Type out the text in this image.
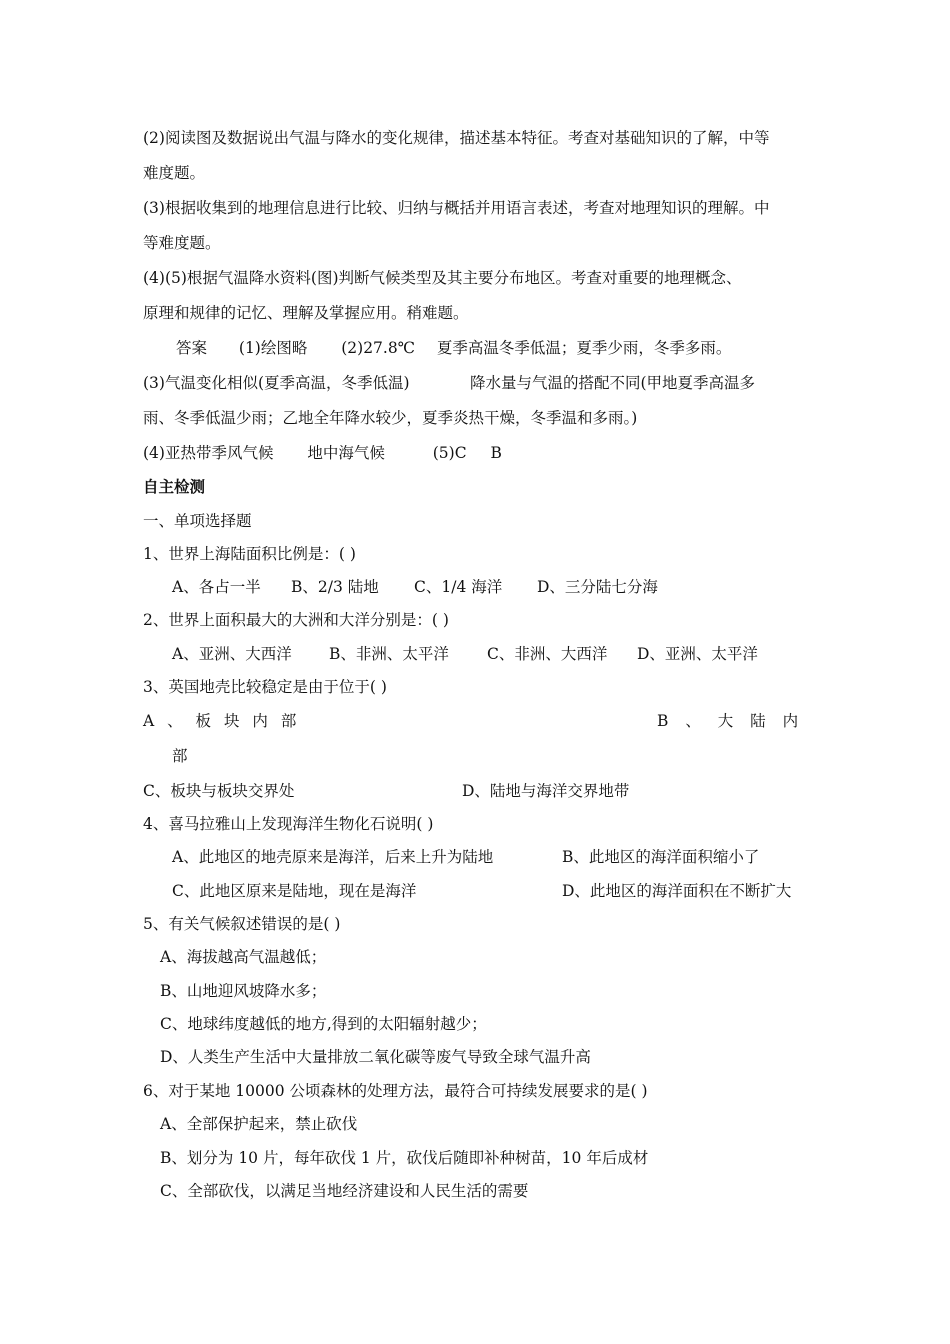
(2)阅读图及数据说出气温与降水的变化规律，描述基本特征。考查对基础知识的了解，中等
难度题。
(3)根据收集到的地理信息进行比较、归纳与概括并用语言表述，考查对地理知识的理解。中
等难度题。
(4)(5)根据气温降水资料(图)判断气候类型及其主要分布地区。考查对重要的地理概念、
原理和规律的记忆、理解及掌握应用。稍难题。
答案 (1)绘图略 (2)27.8℃ 夏季高温冬季低温；夏季少雨，冬季多雨。
(3)气温变化相似(夏季高温，冬季低温)	降水量与气温的搭配不同(甲地夏季高温多
雨、冬季低温少雨；乙地全年降水较少，夏季炎热干燥，冬季温和多雨。)
(4)亚热带季风气候 地中海气候	(5)C B
自主检测
一、单项选择题
1、世界上海陆面积比例是：( )
A、各占一半 B、2/3 陆地 C、1/4 海洋 D、三分陆七分海
2、世界上面积最大的大洲和大洋分别是：( )
A、亚洲、大西洋 B、非洲、太平洋 C、非洲、大西洋 D、亚洲、太平洋
3、英国地壳比较稳定是由于位于( )
A 、 板 块 内 部	B 、 大 陆 内
部
C、板块与板块交界处	D、陆地与海洋交界地带
4、喜马拉雅山上发现海洋生物化石说明( )
A、此地区的地壳原来是海洋，后来上升为陆地	B、此地区的海洋面积缩小了
C、此地区原来是陆地，现在是海洋	D、此地区的海洋面积在不断扩大
5、有关气候叙述错误的是( )
A、海拔越高气温越低；
B、山地迎风坡降水多；
C、地球纬度越低的地方,得到的太阳辐射越少；
D、人类生产生活中大量排放二氧化碳等废气导致全球气温升高
6、对于某地 10000 公顷森林的处理方法，最符合可持续发展要求的是( )
A、全部保护起来，禁止砍伐
B、划分为 10 片，每年砍伐 1 片，砍伐后随即补种树苗，10 年后成材
C、全部砍伐，以满足当地经济建设和人民生活的需要
